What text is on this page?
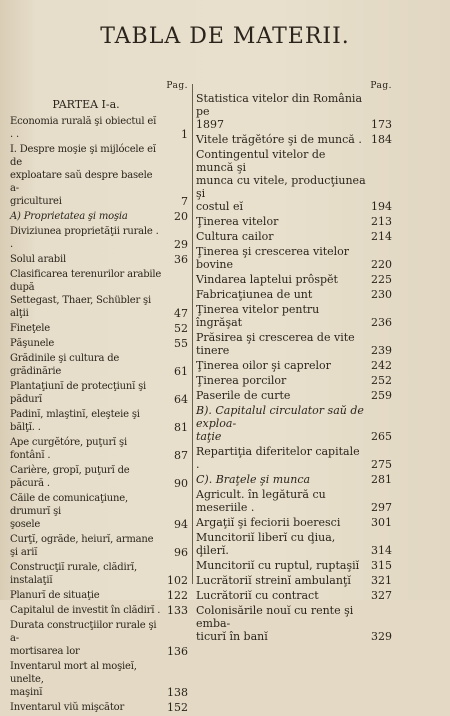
TABLA DE MATERII.
Pag.
PARTEA I-a.
Economia rurală şi obiectul eĭ . .	1
I. Despre moşie şi mijlócele eĭ de
exploatare saŭ despre basele a-
griculturei	7
A) Proprietatea şi moşia	20
Diviziunea proprietăţii rurale . .	29
Solul arabil	36
Clasificarea terenurilor arabile după
Settegast, Thaer, Schübler şi alţii	47
Fineţele	52
Păşunele	55
Grădinile şi cultura de grădinărie	61
Plantaţiunĭ de protecţiunĭ şi pădurĭ	64
Padinĭ, mlaştinĭ, eleşteie şi bălţĭ. .	81
Ape curgĕtóre, puţurĭ şi fontânĭ .	87
Carière, gropĭ, puţurĭ de păcură .	90
Căile de comunicaţiune, drumurĭ şi
şosele	94
Curţĭ, ogrăde, heiurĭ, armane şi ariĭ	96
Construcţiĭ rurale, clădirĭ, instalaţiĭ	102
Planurĭ de situaţie	122
Capitalul de investit în clădirĭ . 133
Durata construcţiilor rurale şi a-
mortisarea lor	136
Inventarul mort al moşieĭ, unelte,
maşinĭ	138
Inventarul viŭ mişcător	152
Pag.
Statistica vitelor din România pe
1897	173
Vitele trăgĕtóre şi de muncă . 184
Contingentul vitelor de muncă şi
munca cu vitele, producţiunea şi
costul eĭ	194
Ţinerea vitelor	213
Cultura cailor	214
Ţinerea şi crescerea vitelor bovine	220
Vindarea laptelui prôspĕt	225
Fabricaţiunea de unt	230
Ţinerea vitelor pentru îngrăşat	236
Prăsirea şi crescerea de vite tinere	239
Ţinerea oilor şi caprelor	242
Ţinerea porcilor	252
Paserile de curte	259
B). Capitalul circulator saŭ de exploa-
taţie	265
Repartiţia diferitelor capitale .	275
C). Braţele şi munca	281
Agricult. în legătură cu meseriile .	297
Argaţiĭ şi feciorii boeresci	301
Muncitoriĭ liberĭ cu ḑiua, ḑilerĭ.	314
Muncitoriĭ cu ruptul, ruptaşiĭ	315
Lucrătoriĭ streinĭ ambulanţĭ	321
Lucrătoriĭ cu contract	327
Colonisările nouĭ cu rente şi emba-
ticurĭ în banĭ	329
